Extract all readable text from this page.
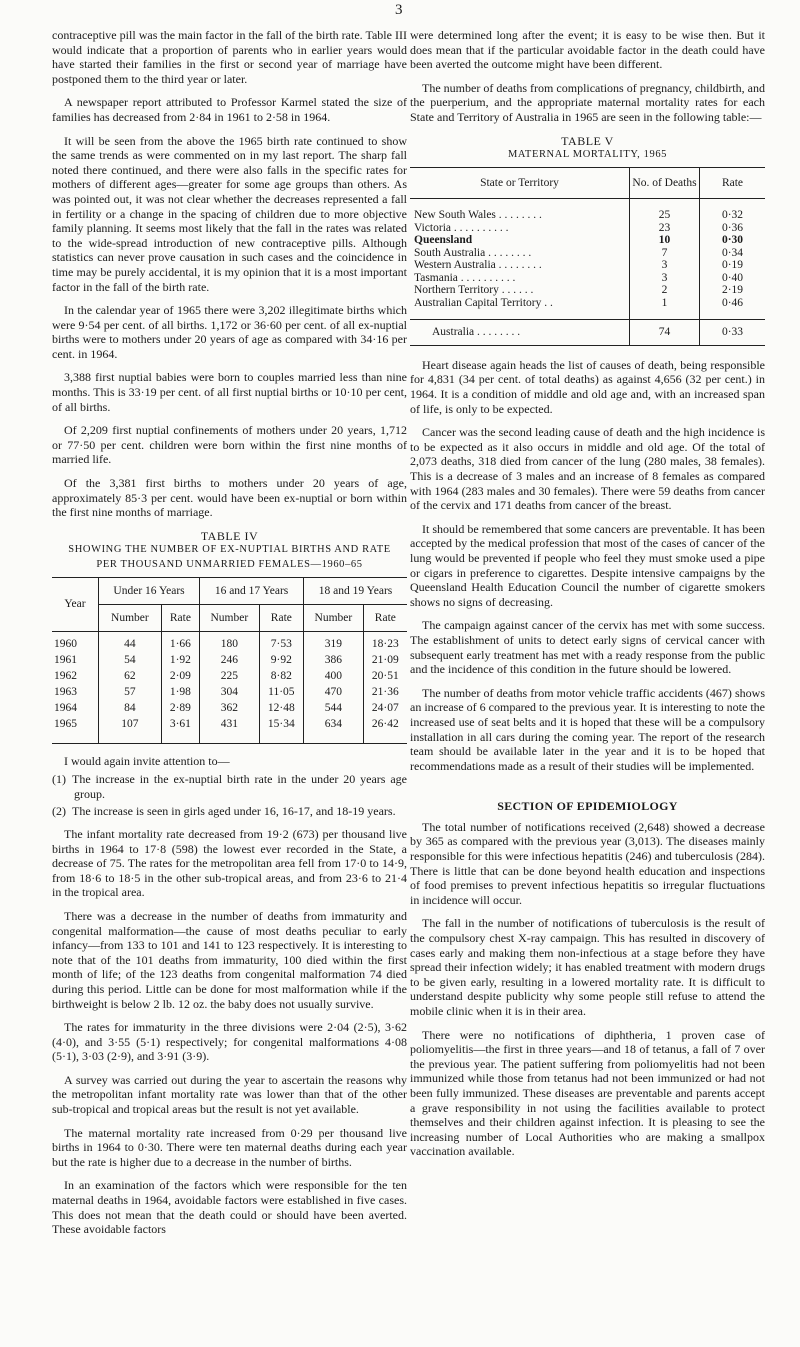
3

contraceptive pill was the main factor in the fall of the birth rate. Table III would indicate that a proportion of parents who in earlier years would have started their families in the first or second year of marriage have postponed them to the third year or later.

A newspaper report attributed to Professor Karmel stated the size of families has decreased from 2·84 in 1961 to 2·58 in 1964.

It will be seen from the above the 1965 birth rate continued to show the same trends as were commented on in my last report. The sharp fall noted there continued, and there were also falls in the specific rates for mothers of different ages—greater for some age groups than others. As was pointed out, it was not clear whether the decreases represented a fall in fertility or a change in the spacing of children due to more objective family planning. It seems most likely that the fall in the rates was related to the wide-spread introduction of new contraceptive pills. Although statistics can never prove causation in such cases and the coincidence in time may be purely accidental, it is my opinion that it is a most important factor in the fall of the birth rate.

In the calendar year of 1965 there were 3,202 illegitimate births which were 9·54 per cent. of all births. 1,172 or 36·60 per cent. of all ex-nuptial births were to mothers under 20 years of age as compared with 34·16 per cent. in 1964.

3,388 first nuptial babies were born to couples married less than nine months. This is 33·19 per cent. of all first nuptial births or 10·10 per cent, of all births.

Of 2,209 first nuptial confinements of mothers under 20 years, 1,712 or 77·50 per cent. children were born within the first nine months of married life.

Of the 3,381 first births to mothers under 20 years of age, approximately 85·3 per cent. would have been ex-nuptial or born within the first nine months of marriage.

TABLE IV
SHOWING THE NUMBER OF EX-NUPTIAL BIRTHS AND RATE
PER THOUSAND UNMARRIED FEMALES—1960–65
Year	Under 16 Years		16 and 17 Years		18 and 19 Years	
	Number	Rate	Number	Rate	Number	Rate
1960	44	1·66	180	7·53	319	18·23
1961	54	1·92	246	9·92	386	21·09
1962	62	2·09	225	8·82	400	20·51
1963	57	1·98	304	11·05	470	21·36
1964	84	2·89	362	12·48	544	24·07
1965	107	3·61	431	15·34	634	26·42

I would again invite attention to—

(1) The increase in the ex-nuptial birth rate in the under 20 years age group.
(2) The increase is seen in girls aged under 16, 16-17, and 18-19 years.

The infant mortality rate decreased from 19·2 (673) per thousand live births in 1964 to 17·8 (598) the lowest ever recorded in the State, a decrease of 75. The rates for the metropolitan area fell from 17·0 to 14·9, from 18·6 to 18·5 in the other sub-tropical areas, and from 23·6 to 21·4 in the tropical area.

There was a decrease in the number of deaths from immaturity and congenital malformation—the cause of most deaths peculiar to early infancy—from 133 to 101 and 141 to 123 respectively. It is interesting to note that of the 101 deaths from immaturity, 100 died within the first month of life; of the 123 deaths from congenital malformation 74 died during this period. Little can be done for most malformation while if the birthweight is below 2 lb. 12 oz. the baby does not usually survive.

The rates for immaturity in the three divisions were 2·04 (2·5), 3·62 (4·0), and 3·55 (5·1) respectively; for congenital malformations 4·08 (5·1), 3·03 (2·9), and 3·91 (3·9).

A survey was carried out during the year to ascertain the reasons why the metropolitan infant mortality rate was lower than that of the other sub-tropical and tropical areas but the result is not yet available.

The maternal mortality rate increased from 0·29 per thousand live births in 1964 to 0·30. There were ten maternal deaths during each year but the rate is higher due to a decrease in the number of births.

In an examination of the factors which were responsible for the ten maternal deaths in 1964, avoidable factors were established in five cases. This does not mean that the death could or should have been averted. These avoidable factors

were determined long after the event; it is easy to be wise then. But it does mean that if the particular avoidable factor in the death could have been averted the outcome might have been different.

The number of deaths from complications of pregnancy, childbirth, and the puerperium, and the appropriate maternal mortality rates for each State and Territory of Australia in 1965 are seen in the following table:—

TABLE V
MATERNAL MORTALITY, 1965
State or Territory	No. of Deaths	Rate
New South Wales . . . . . . . .	25	0·32
Victoria . . . . . . . . . .	23	0·36
Queensland	10	0·30
South Australia . . . . . . . .	7	0·34
Western Australia . . . . . . . .	3	0·19
Tasmania . . . . . . . . . .	3	0·40
Northern Territory . . . . . .	2	2·19
Australian Capital Territory . .	1	0·46
Australia . . . . . . . .	74	0·33

Heart disease again heads the list of causes of death, being responsible for 4,831 (34 per cent. of total deaths) as against 4,656 (32 per cent.) in 1964. It is a condition of middle and old age and, with an increased span of life, is only to be expected.

Cancer was the second leading cause of death and the high incidence is to be expected as it also occurs in middle and old age. Of the total of 2,073 deaths, 318 died from cancer of the lung (280 males, 38 females). This is a decrease of 3 males and an increase of 8 females as compared with 1964 (283 males and 30 females). There were 59 deaths from cancer of the cervix and 171 deaths from cancer of the breast.

It should be remembered that some cancers are preventable. It has been accepted by the medical profession that most of the cases of cancer of the lung would be prevented if people who feel they must smoke used a pipe or cigars in preference to cigarettes. Despite intensive campaigns by the Queensland Health Education Council the number of cigarette smokers shows no signs of decreasing.

The campaign against cancer of the cervix has met with some success. The establishment of units to detect early signs of cervical cancer with subsequent early treatment has met with a ready response from the public and the incidence of this condition in the future should be lowered.

The number of deaths from motor vehicle traffic accidents (467) shows an increase of 6 compared to the previous year. It is interesting to note the increased use of seat belts and it is hoped that these will be a compulsory installation in all cars during the coming year. The report of the research team should be available later in the year and it is to be hoped that recommendations made as a result of their studies will be implemented.

SECTION OF EPIDEMIOLOGY

The total number of notifications received (2,648) showed a decrease by 365 as compared with the previous year (3,013). The diseases mainly responsible for this were infectious hepatitis (246) and tuberculosis (284). There is little that can be done beyond health education and inspections of food premises to prevent infectious hepatitis so irregular fluctuations in incidence will occur.

The fall in the number of notifications of tuberculosis is the result of the compulsory chest X-ray campaign. This has resulted in discovery of cases early and making them non-infectious at a stage before they have spread their infection widely; it has enabled treatment with modern drugs to be given early, resulting in a lowered mortality rate. It is difficult to understand despite publicity why some people still refuse to attend the mobile clinic when it is in their area.

There were no notifications of diphtheria, 1 proven case of poliomyelitis—the first in three years—and 18 of tetanus, a fall of 7 over the previous year. The patient suffering from poliomyelitis had not been immunized while those from tetanus had not been immunized or had not been fully immunized. These diseases are preventable and parents accept a grave responsibility in not using the facilities available to protect themselves and their children against infection. It is pleasing to see the increasing number of Local Authorities who are making a smallpox vaccination available.
